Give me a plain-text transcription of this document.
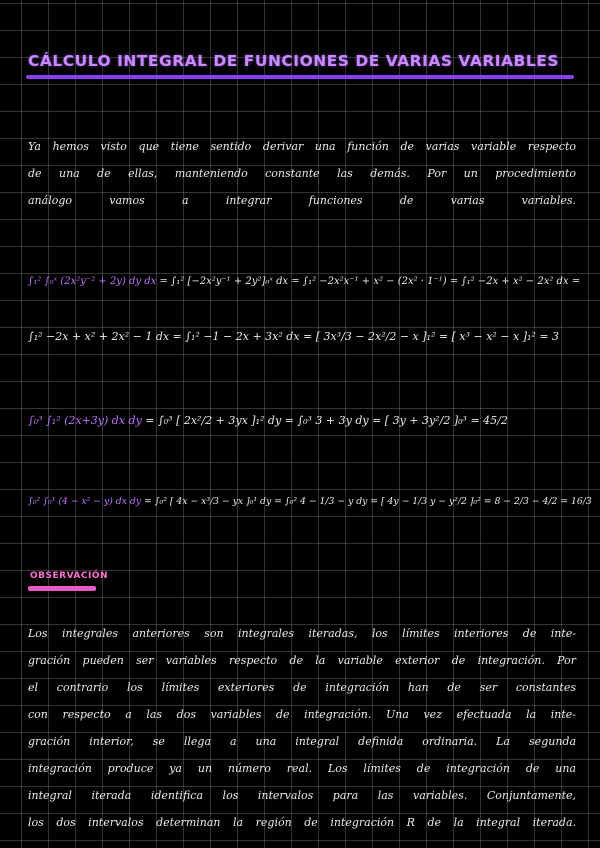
CÁLCULO INTEGRAL DE FUNCIONES DE VARIAS VARIABLES
Ya hemos visto que tiene sentido derivar una función de varias variable respecto
de una de ellas, manteniendo constante las demás. Por un procedimiento
análogo vamos a integrar funciones de varias variables.
∫₁² ∫₀ˣ (2x²y⁻² + 2y) dy dx = ∫₁² [−2x²y⁻¹ + 2y²]₀ˣ dx = ∫₁² −2x²x⁻¹ + x² − (2x² · 1⁻¹) = ∫₁² −2x + x² − 2x² dx =
∫₁² −2x + x² + 2x² − 1 dx = ∫₁² −1 − 2x + 3x² dx = [ 3x³/3 − 2x²/2 − x ]₁² = [ x³ − x² − x ]₁² = 3
∫₀³ ∫₁² (2x+3y) dx dy = ∫₀³ [ 2x²/2 + 3yx ]₁² dy = ∫₀³ 3 + 3y dy = [ 3y + 3y²/2 ]₀³ = 45/2
∫₀² ∫₀¹ (4 − x² − y) dx dy = ∫₀² [ 4x − x³/3 − yx ]₀¹ dy = ∫₀² 4 − 1/3 − y dy = [ 4y − 1/3 y − y²/2 ]₀² = 8 − 2/3 − 4/2 = 16/3
OBSERVACIÓN
Los integrales anteriores son integrales iteradas, los límites interiores de inte-
gración pueden ser variables respecto de la variable exterior de integración. Por
el contrario los límites exteriores de integración han de ser constantes
con respecto a las dos variables de integración. Una vez efectuada la inte-
gración interior, se llega a una integral definida ordinaria. La segunda
integración produce ya un número real. Los límites de integración de una
integral iterada identifica los intervalos para las variables. Conjuntamente,
los dos intervalos determinan la región de integración R de la integral iterada.
